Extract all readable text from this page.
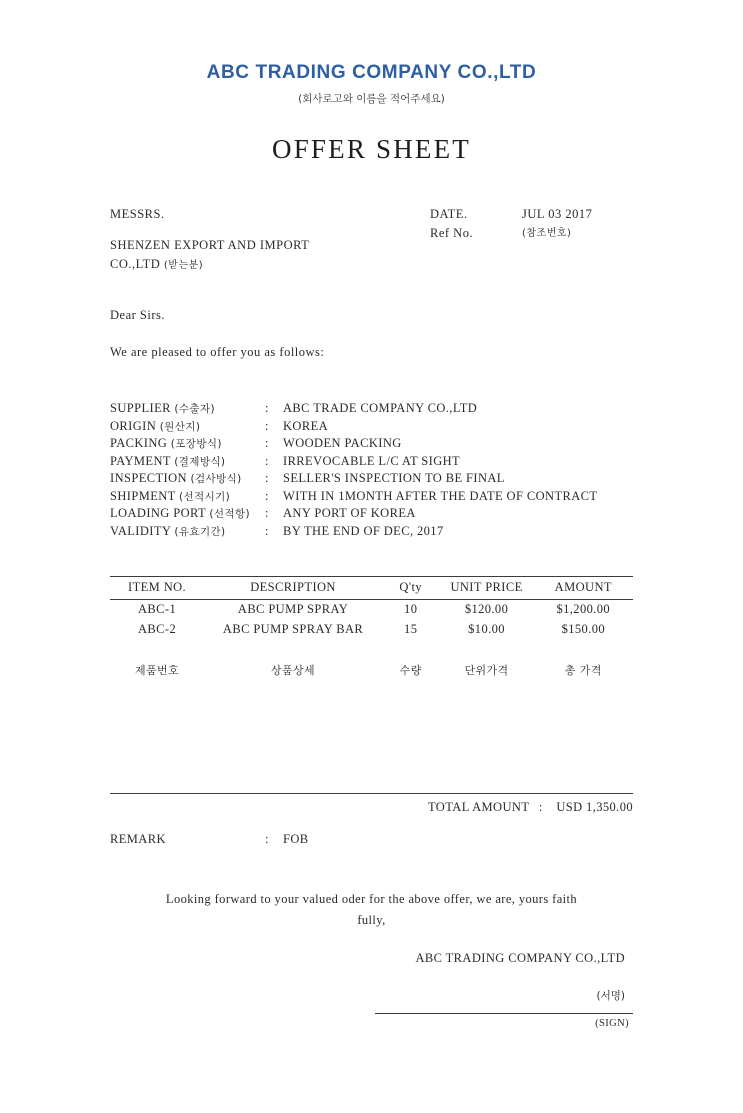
ABC TRADING COMPANY CO.,LTD
(회사로고와 이름을 적어주세요)
OFFER SHEET
MESSRS.
SHENZEN EXPORT AND IMPORT
CO.,LTD (받는분)
DATE.	JUL 03 2017
Ref No.	(참조번호)
Dear Sirs.
We are pleased to offer you as follows:
SUPPLIER (수출자)	:	ABC TRADE COMPANY CO.,LTD
ORIGIN (원산지)	:	KOREA
PACKING (포장방식)	:	WOODEN PACKING
PAYMENT (결제방식)	:	IRREVOCABLE L/C AT SIGHT
INSPECTION (검사방식)	:	SELLER'S INSPECTION TO BE FINAL
SHIPMENT (선적시기)	:	WITH IN 1MONTH AFTER THE DATE OF CONTRACT
LOADING PORT (선적항)	:	ANY PORT OF KOREA
VALIDITY (유효기간)	:	BY THE END OF DEC, 2017
ITEM NO.	DESCRIPTION	Q'ty	UNIT PRICE	AMOUNT
ABC-1	ABC PUMP SPRAY	10	$120.00	$1,200.00
ABC-2	ABC PUMP SPRAY BAR	15	$10.00	$150.00
제품번호	상품상세	수량	단위가격	총 가격
TOTAL AMOUNT : USD 1,350.00
REMARK	:	FOB
Looking forward to your valued oder for the above offer, we are, yours faith
fully,
ABC TRADING COMPANY CO.,LTD
(서명)
(SIGN)
